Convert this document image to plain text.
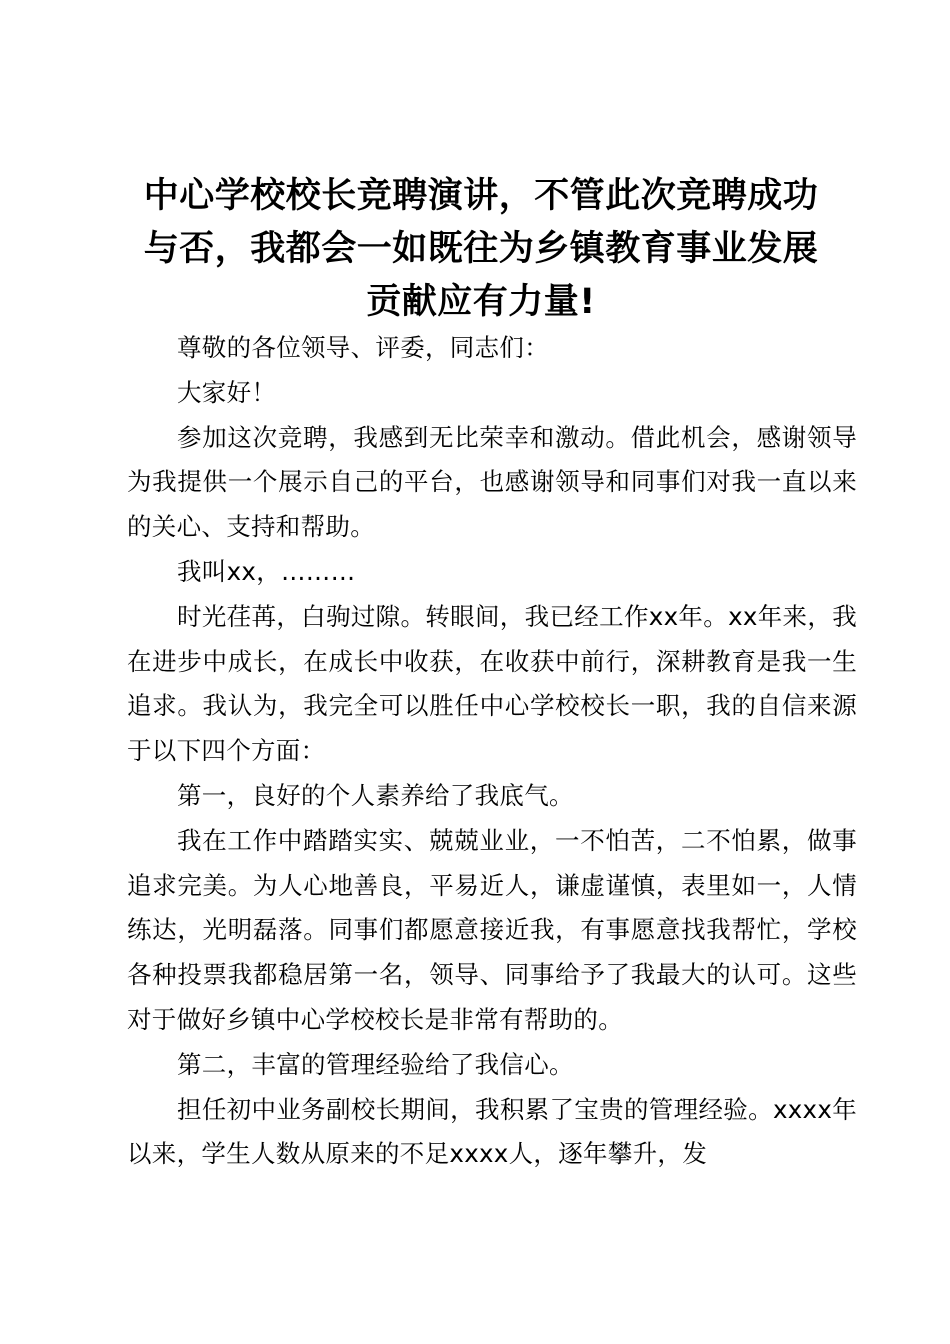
中心学校校长竞聘演讲，不管此次竞聘成功与否，我都会一如既往为乡镇教育事业发展贡献应有力量!

尊敬的各位领导、评委，同志们：

大家好！

参加这次竞聘，我感到无比荣幸和激动。借此机会，感谢领导为我提供一个展示自己的平台，也感谢领导和同事们对我一直以来的关心、支持和帮助。

我叫xx，………

时光荏苒，白驹过隙。转眼间，我已经工作xx年。xx年来，我在进步中成长，在成长中收获，在收获中前行，深耕教育是我一生追求。我认为，我完全可以胜任中心学校校长一职，我的自信来源于以下四个方面：

第一，良好的个人素养给了我底气。

我在工作中踏踏实实、兢兢业业，一不怕苦，二不怕累，做事追求完美。为人心地善良，平易近人，谦虚谨慎，表里如一，人情练达，光明磊落。同事们都愿意接近我，有事愿意找我帮忙，学校各种投票我都稳居第一名，领导、同事给予了我最大的认可。这些对于做好乡镇中心学校校长是非常有帮助的。

第二，丰富的管理经验给了我信心。

担任初中业务副校长期间，我积累了宝贵的管理经验。xxxx年以来，学生人数从原来的不足xxxx人，逐年攀升，发
